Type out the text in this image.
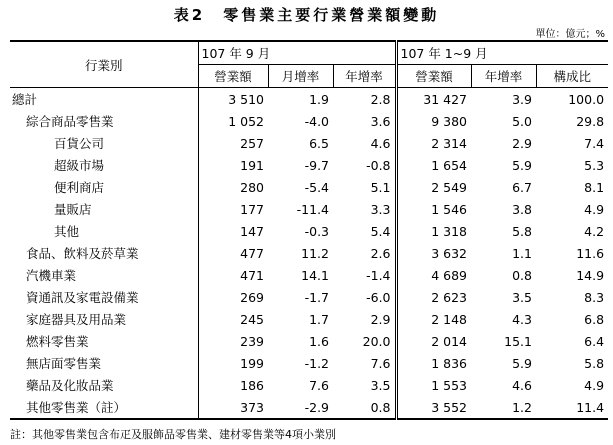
表2　零售業主要行業營業額變動
單位：億元；%
行業別	107 年 9 月			107 年 1~9 月		
	營業額	月增率	年增率	營業額	年增率	構成比
總計	3 510	1.9	2.8	31 427	3.9	100.0
綜合商品零售業	1 052	-4.0	3.6	9 380	5.0	29.8
百貨公司	257	6.5	4.6	2 314	2.9	7.4
超級市場	191	-9.7	-0.8	1 654	5.9	5.3
便利商店	280	-5.4	5.1	2 549	6.7	8.1
量販店	177	-11.4	3.3	1 546	3.8	4.9
其他	147	-0.3	5.4	1 318	5.8	4.2
食品、飲料及菸草業	477	11.2	2.6	3 632	1.1	11.6
汽機車業	471	14.1	-1.4	4 689	0.8	14.9
資通訊及家電設備業	269	-1.7	-6.0	2 623	3.5	8.3
家庭器具及用品業	245	1.7	2.9	2 148	4.3	6.8
燃料零售業	239	1.6	20.0	2 014	15.1	6.4
無店面零售業	199	-1.2	7.6	1 836	5.9	5.8
藥品及化妝品業	186	7.6	3.5	1 553	4.6	4.9
其他零售業（註）	373	-2.9	0.8	3 552	1.2	11.4
註：其他零售業包含布疋及服飾品零售業、建材零售業等4項小業別
